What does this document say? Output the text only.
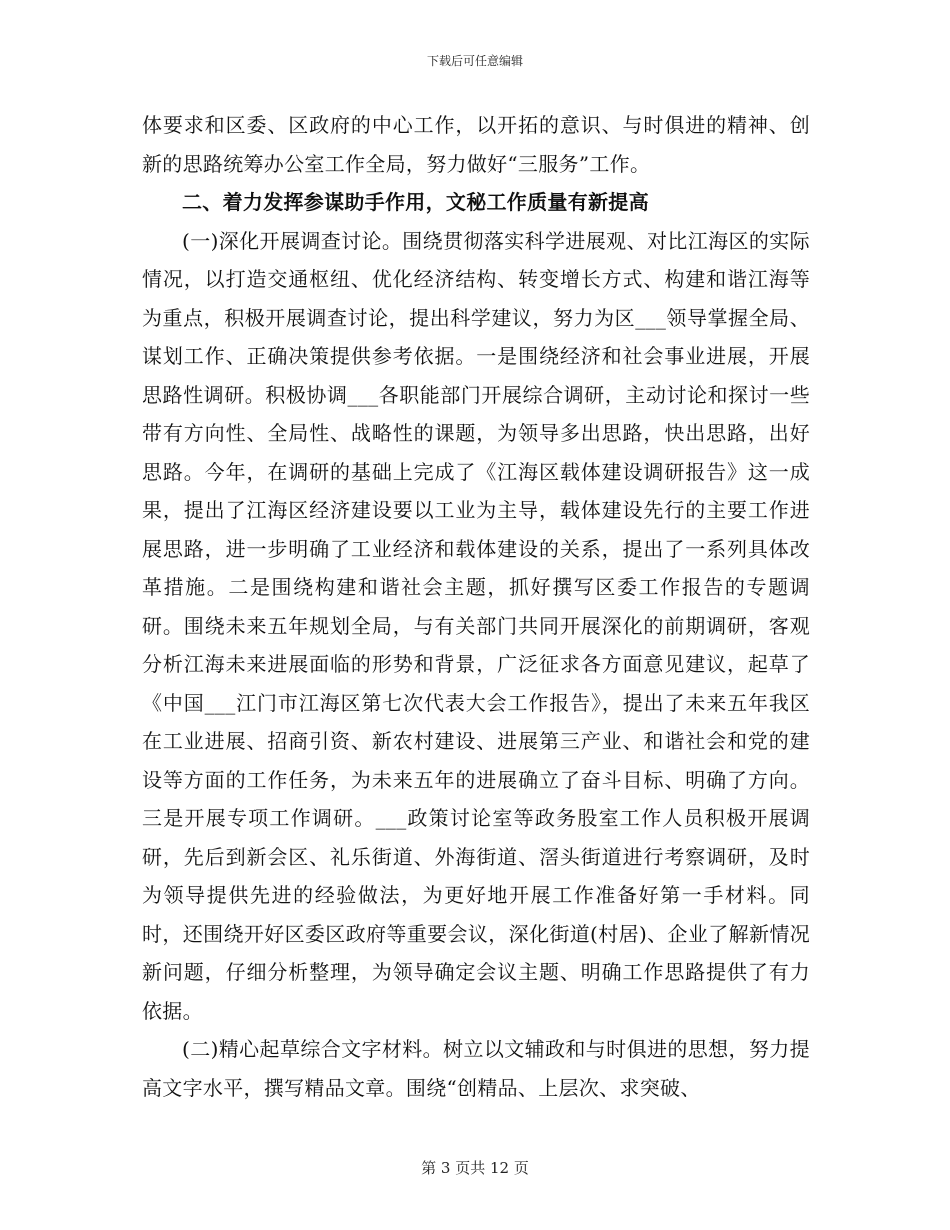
下载后可任意编辑

体要求和区委、区政府的中心工作，以开拓的意识、与时俱进的精神、创新的思路统筹办公室工作全局，努力做好“三服务”工作。

二、着力发挥参谋助手作用，文秘工作质量有新提高

(一)深化开展调查讨论。围绕贯彻落实科学进展观、对比江海区的实际情况，以打造交通枢纽、优化经济结构、转变增长方式、构建和谐江海等为重点，积极开展调查讨论，提出科学建议，努力为区___领导掌握全局、谋划工作、正确决策提供参考依据。一是围绕经济和社会事业进展，开展思路性调研。积极协调___各职能部门开展综合调研，主动讨论和探讨一些带有方向性、全局性、战略性的课题，为领导多出思路，快出思路，出好思路。今年，在调研的基础上完成了《江海区载体建设调研报告》这一成果，提出了江海区经济建设要以工业为主导，载体建设先行的主要工作进展思路，进一步明确了工业经济和载体建设的关系，提出了一系列具体改革措施。二是围绕构建和谐社会主题，抓好撰写区委工作报告的专题调研。围绕未来五年规划全局，与有关部门共同开展深化的前期调研，客观分析江海未来进展面临的形势和背景，广泛征求各方面意见建议，起草了《中国___江门市江海区第七次代表大会工作报告》，提出了未来五年我区在工业进展、招商引资、新农村建设、进展第三产业、和谐社会和党的建设等方面的工作任务，为未来五年的进展确立了奋斗目标、明确了方向。三是开展专项工作调研。___政策讨论室等政务股室工作人员积极开展调研，先后到新会区、礼乐街道、外海街道、滘头街道进行考察调研，及时为领导提供先进的经验做法，为更好地开展工作准备好第一手材料。同时，还围绕开好区委区政府等重要会议，深化街道(村居)、企业了解新情况新问题，仔细分析整理，为领导确定会议主题、明确工作思路提供了有力依据。

(二)精心起草综合文字材料。树立以文辅政和与时俱进的思想，努力提高文字水平，撰写精品文章。围绕“创精品、上层次、求突破、

第 3 页共 12 页
